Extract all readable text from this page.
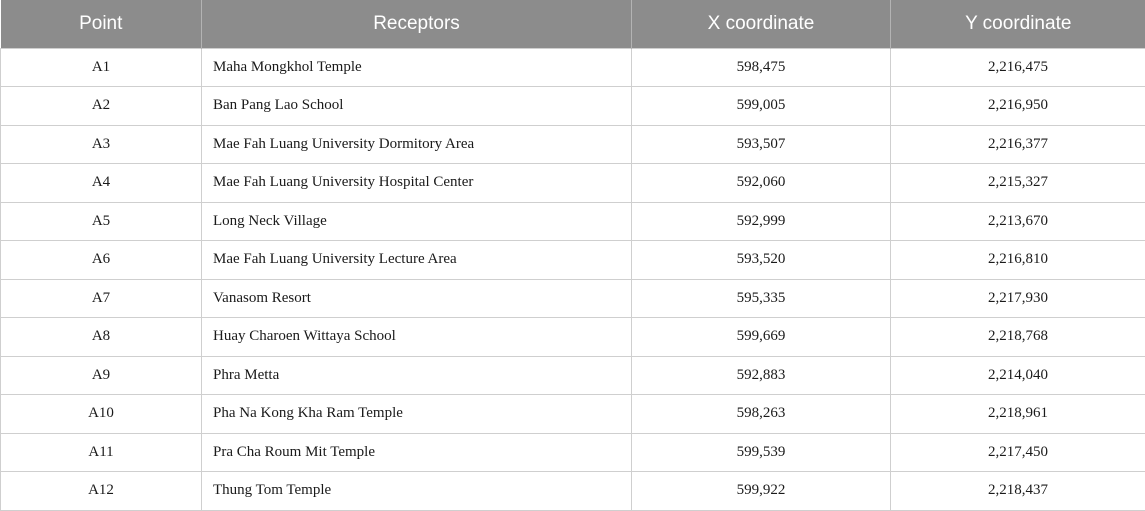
Point	Receptors	X coordinate	Y coordinate
A1	Maha Mongkhol Temple	598,475	2,216,475
A2	Ban Pang Lao School	599,005	2,216,950
A3	Mae Fah Luang University Dormitory Area	593,507	2,216,377
A4	Mae Fah Luang University Hospital Center	592,060	2,215,327
A5	Long Neck Village	592,999	2,213,670
A6	Mae Fah Luang University Lecture Area	593,520	2,216,810
A7	Vanasom Resort	595,335	2,217,930
A8	Huay Charoen Wittaya School	599,669	2,218,768
A9	Phra Metta	592,883	2,214,040
A10	Pha Na Kong Kha Ram Temple	598,263	2,218,961
A11	Pra Cha Roum Mit Temple	599,539	2,217,450
A12	Thung Tom Temple	599,922	2,218,437
